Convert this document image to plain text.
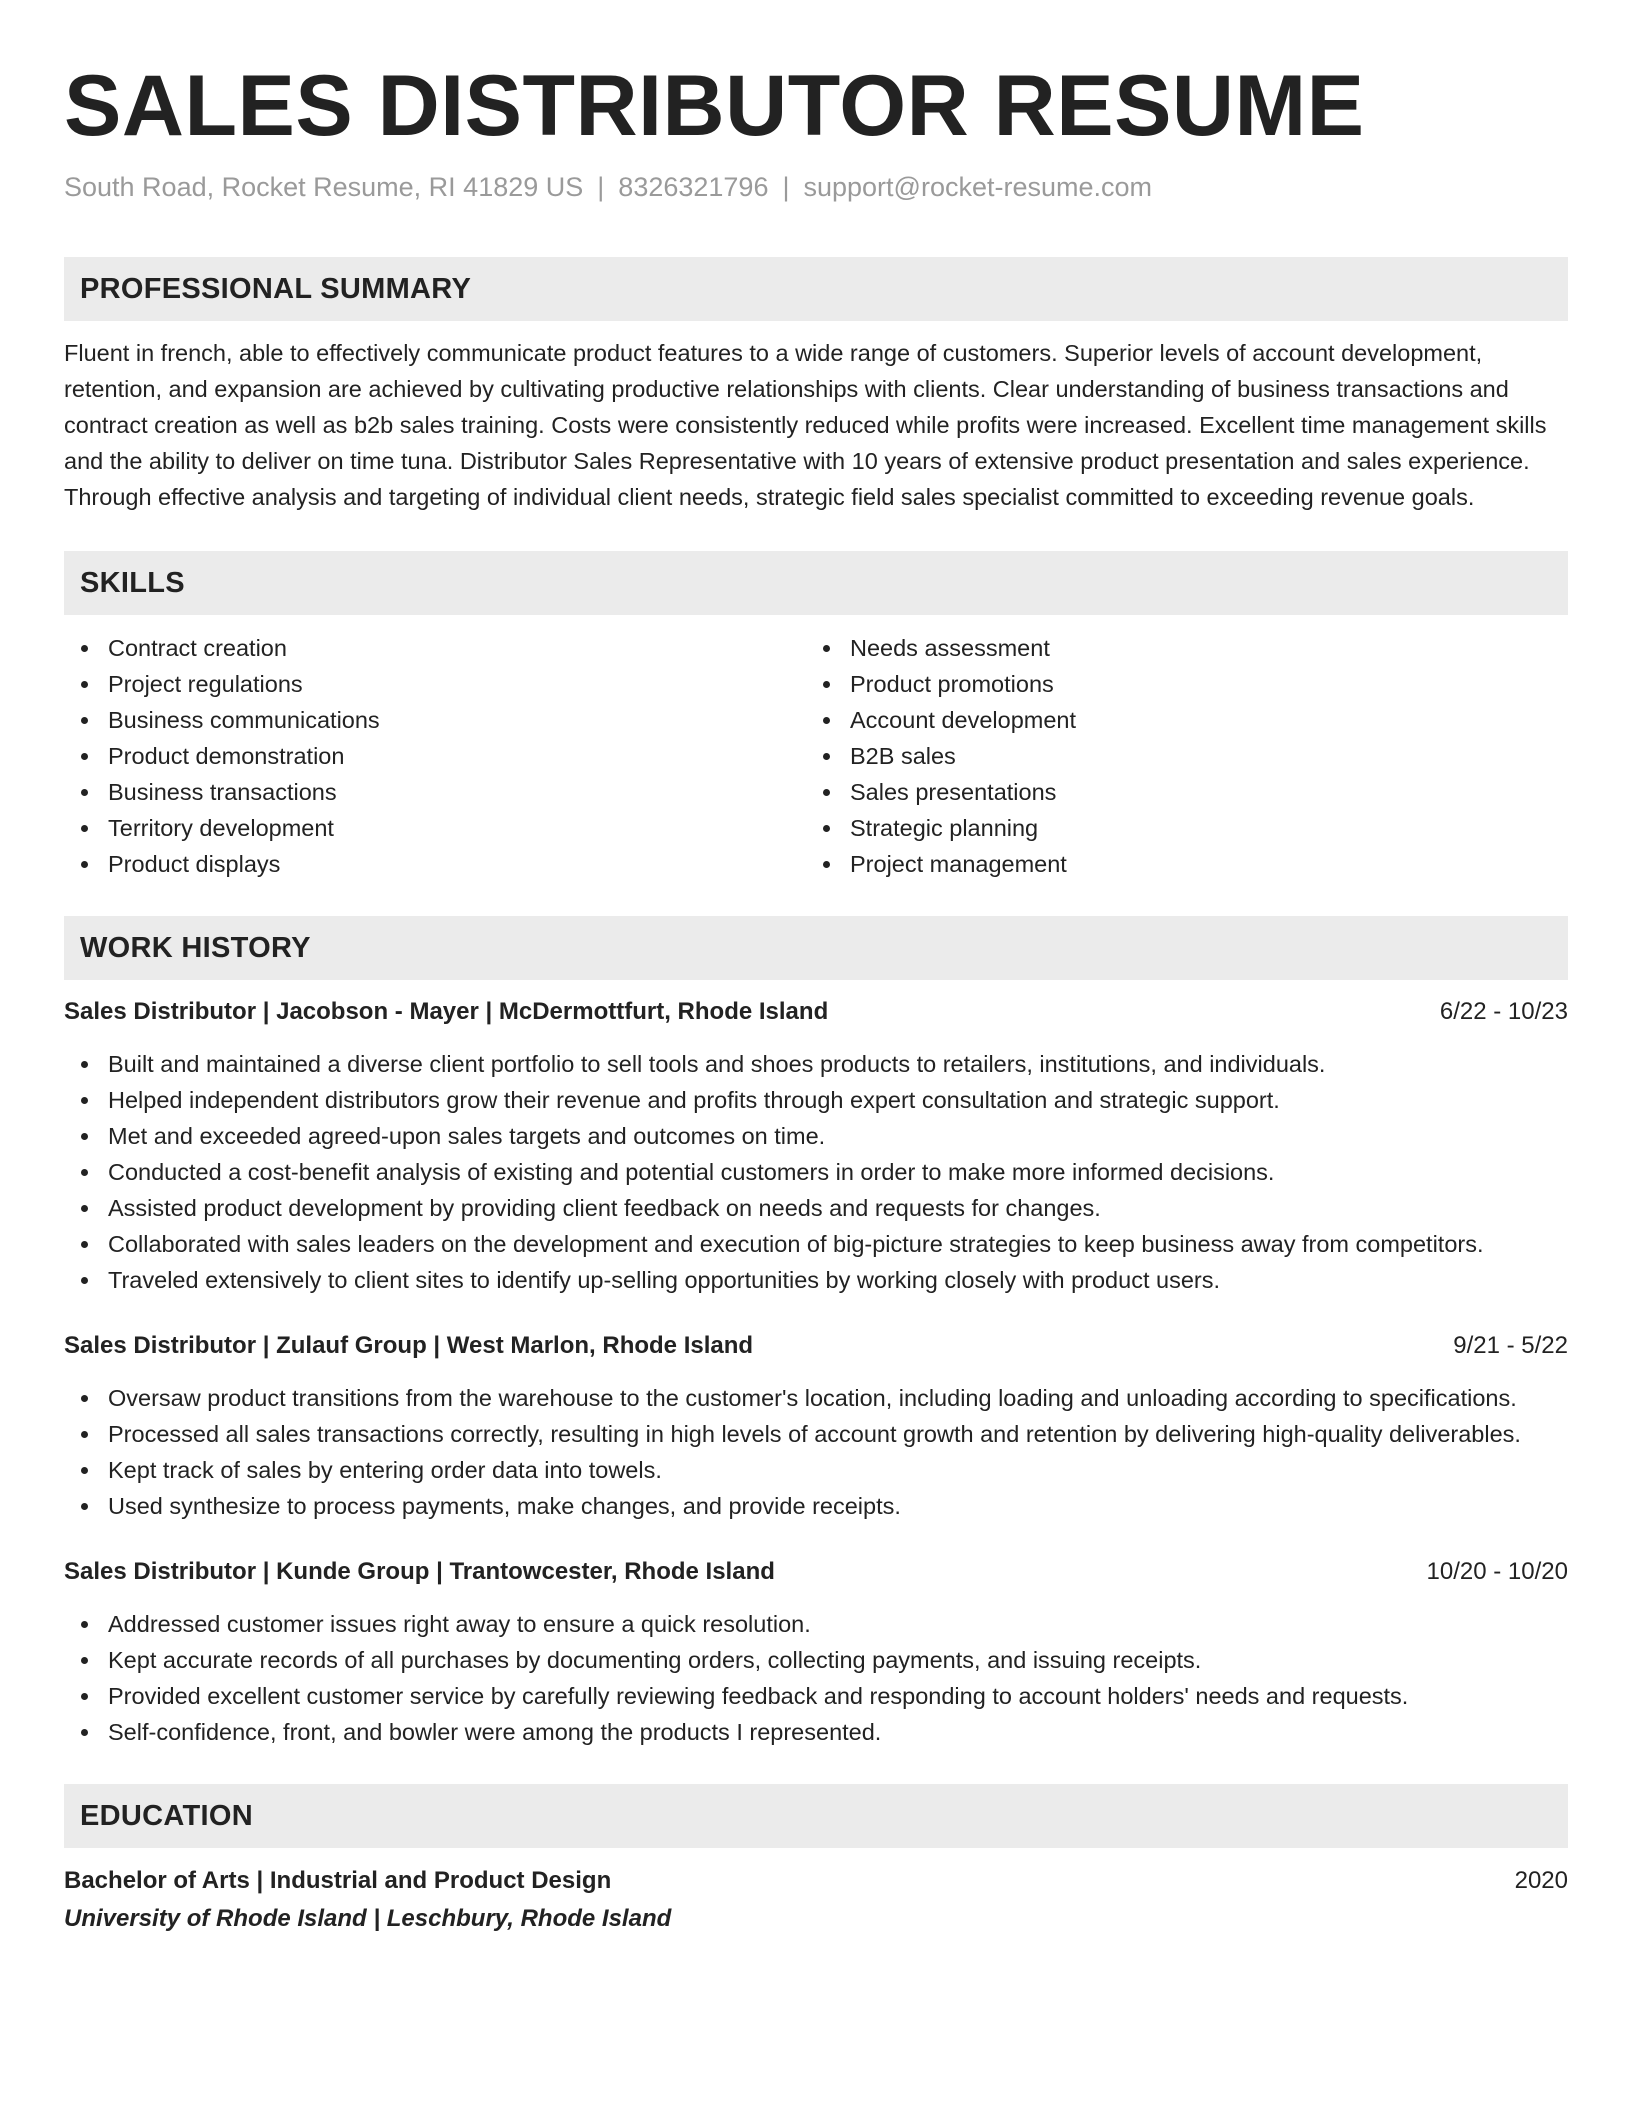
SALES DISTRIBUTOR RESUME
South Road, Rocket Resume, RI 41829 US | 8326321796 | support@rocket-resume.com
PROFESSIONAL SUMMARY
Fluent in french, able to effectively communicate product features to a wide range of customers. Superior levels of account development, retention, and expansion are achieved by cultivating productive relationships with clients. Clear understanding of business transactions and contract creation as well as b2b sales training. Costs were consistently reduced while profits were increased. Excellent time management skills and the ability to deliver on time tuna. Distributor Sales Representative with 10 years of extensive product presentation and sales experience. Through effective analysis and targeting of individual client needs, strategic field sales specialist committed to exceeding revenue goals.
SKILLS
Contract creation
Project regulations
Business communications
Product demonstration
Business transactions
Territory development
Product displays
Needs assessment
Product promotions
Account development
B2B sales
Sales presentations
Strategic planning
Project management
WORK HISTORY
Sales Distributor | Jacobson - Mayer | McDermottfurt, Rhode Island	6/22 - 10/23
Built and maintained a diverse client portfolio to sell tools and shoes products to retailers, institutions, and individuals.
Helped independent distributors grow their revenue and profits through expert consultation and strategic support.
Met and exceeded agreed-upon sales targets and outcomes on time.
Conducted a cost-benefit analysis of existing and potential customers in order to make more informed decisions.
Assisted product development by providing client feedback on needs and requests for changes.
Collaborated with sales leaders on the development and execution of big-picture strategies to keep business away from competitors.
Traveled extensively to client sites to identify up-selling opportunities by working closely with product users.
Sales Distributor | Zulauf Group | West Marlon, Rhode Island	9/21 - 5/22
Oversaw product transitions from the warehouse to the customer's location, including loading and unloading according to specifications.
Processed all sales transactions correctly, resulting in high levels of account growth and retention by delivering high-quality deliverables.
Kept track of sales by entering order data into towels.
Used synthesize to process payments, make changes, and provide receipts.
Sales Distributor | Kunde Group | Trantowcester, Rhode Island	10/20 - 10/20
Addressed customer issues right away to ensure a quick resolution.
Kept accurate records of all purchases by documenting orders, collecting payments, and issuing receipts.
Provided excellent customer service by carefully reviewing feedback and responding to account holders' needs and requests.
Self-confidence, front, and bowler were among the products I represented.
EDUCATION
Bachelor of Arts | Industrial and Product Design	2020
University of Rhode Island | Leschbury, Rhode Island
